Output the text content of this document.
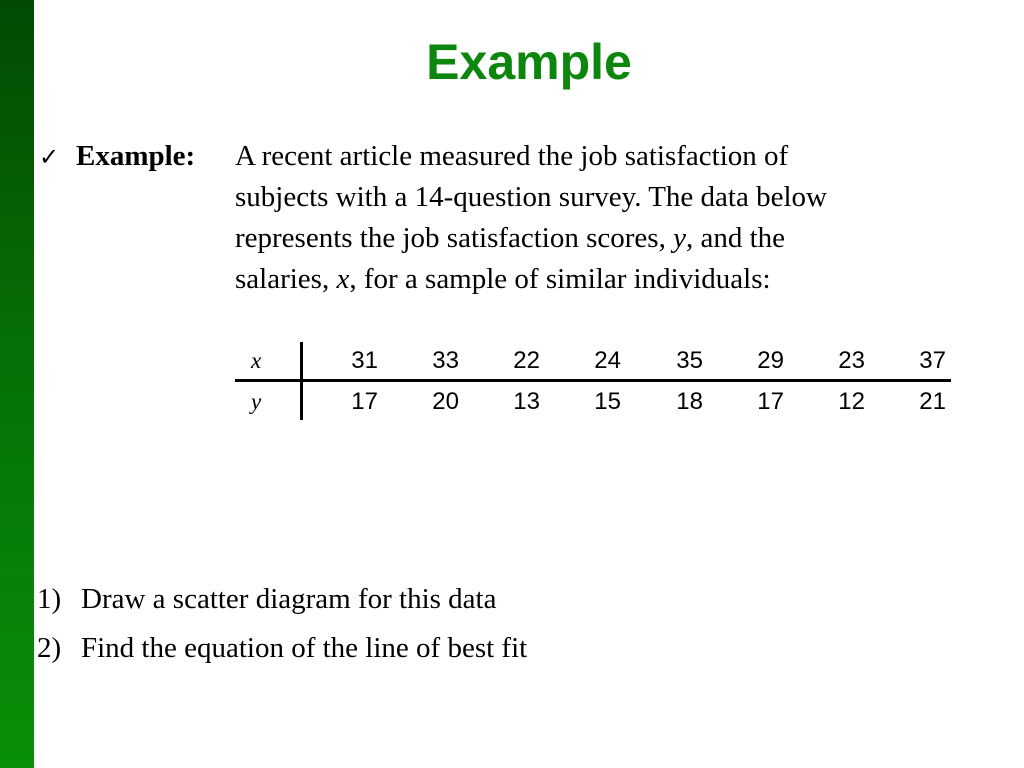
Example
✓ Example: A recent article measured the job satisfaction of
subjects with a 14-question survey. The data below
represents the job satisfaction scores, y, and the
salaries, x, for a sample of similar individuals:
x	31	33	22	24	35	29	23	37
y	17	20	13	15	18	17	12	21
1) Draw a scatter diagram for this data
2) Find the equation of the line of best fit
